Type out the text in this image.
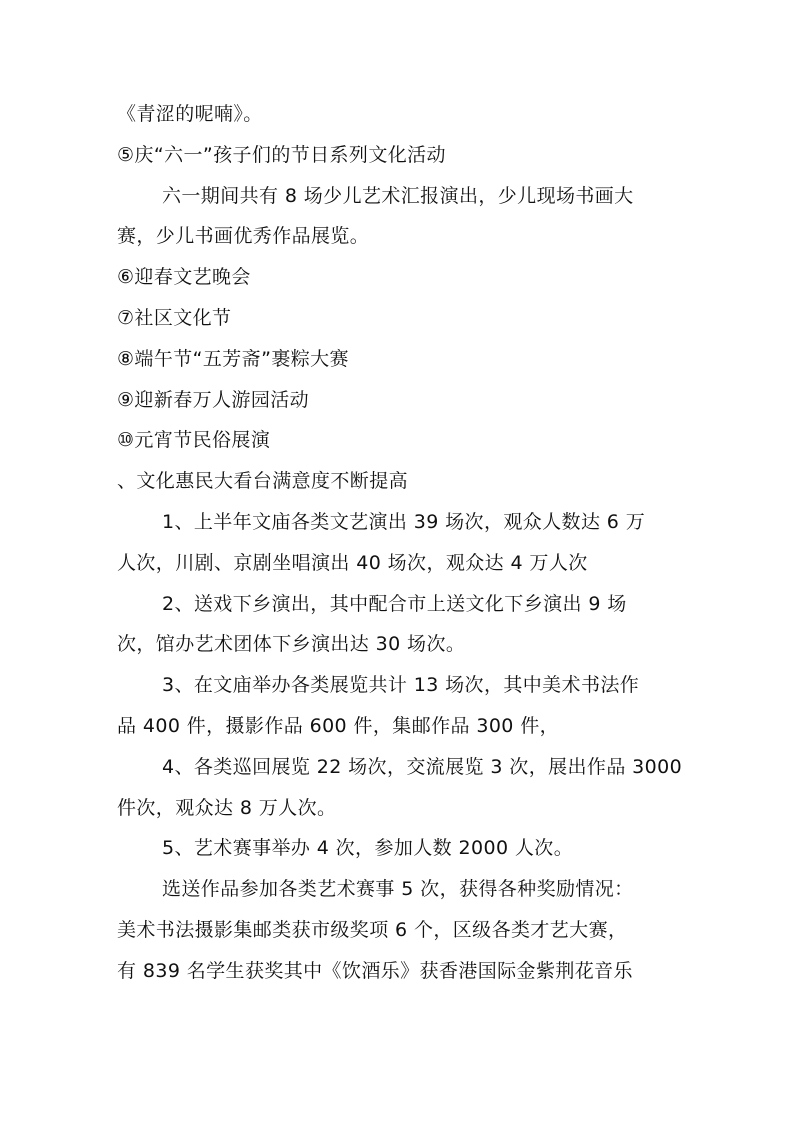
《青涩的呢喃》。
⑤庆“六一”孩子们的节日系列文化活动
六一期间共有 8 场少儿艺术汇报演出，少儿现场书画大
赛，少儿书画优秀作品展览。
⑥迎春文艺晚会
⑦社区文化节
⑧端午节“五芳斋”裹粽大赛
⑨迎新春万人游园活动
⑩元宵节民俗展演
、文化惠民大看台满意度不断提高
1、上半年文庙各类文艺演出 39 场次，观众人数达 6 万
人次，川剧、京剧坐唱演出 40 场次，观众达 4 万人次
2、送戏下乡演出，其中配合市上送文化下乡演出 9 场
次，馆办艺术团体下乡演出达 30 场次。
3、在文庙举办各类展览共计 13 场次，其中美术书法作
品 400 件，摄影作品 600 件，集邮作品 300 件，
4、各类巡回展览 22 场次，交流展览 3 次，展出作品 3000
件次，观众达 8 万人次。
5、艺术赛事举办 4 次，参加人数 2000 人次。
选送作品参加各类艺术赛事 5 次，获得各种奖励情况：
美术书法摄影集邮类获市级奖项 6 个，区级各类才艺大赛，
有 839 名学生获奖其中《饮酒乐》获香港国际金紫荆花音乐
